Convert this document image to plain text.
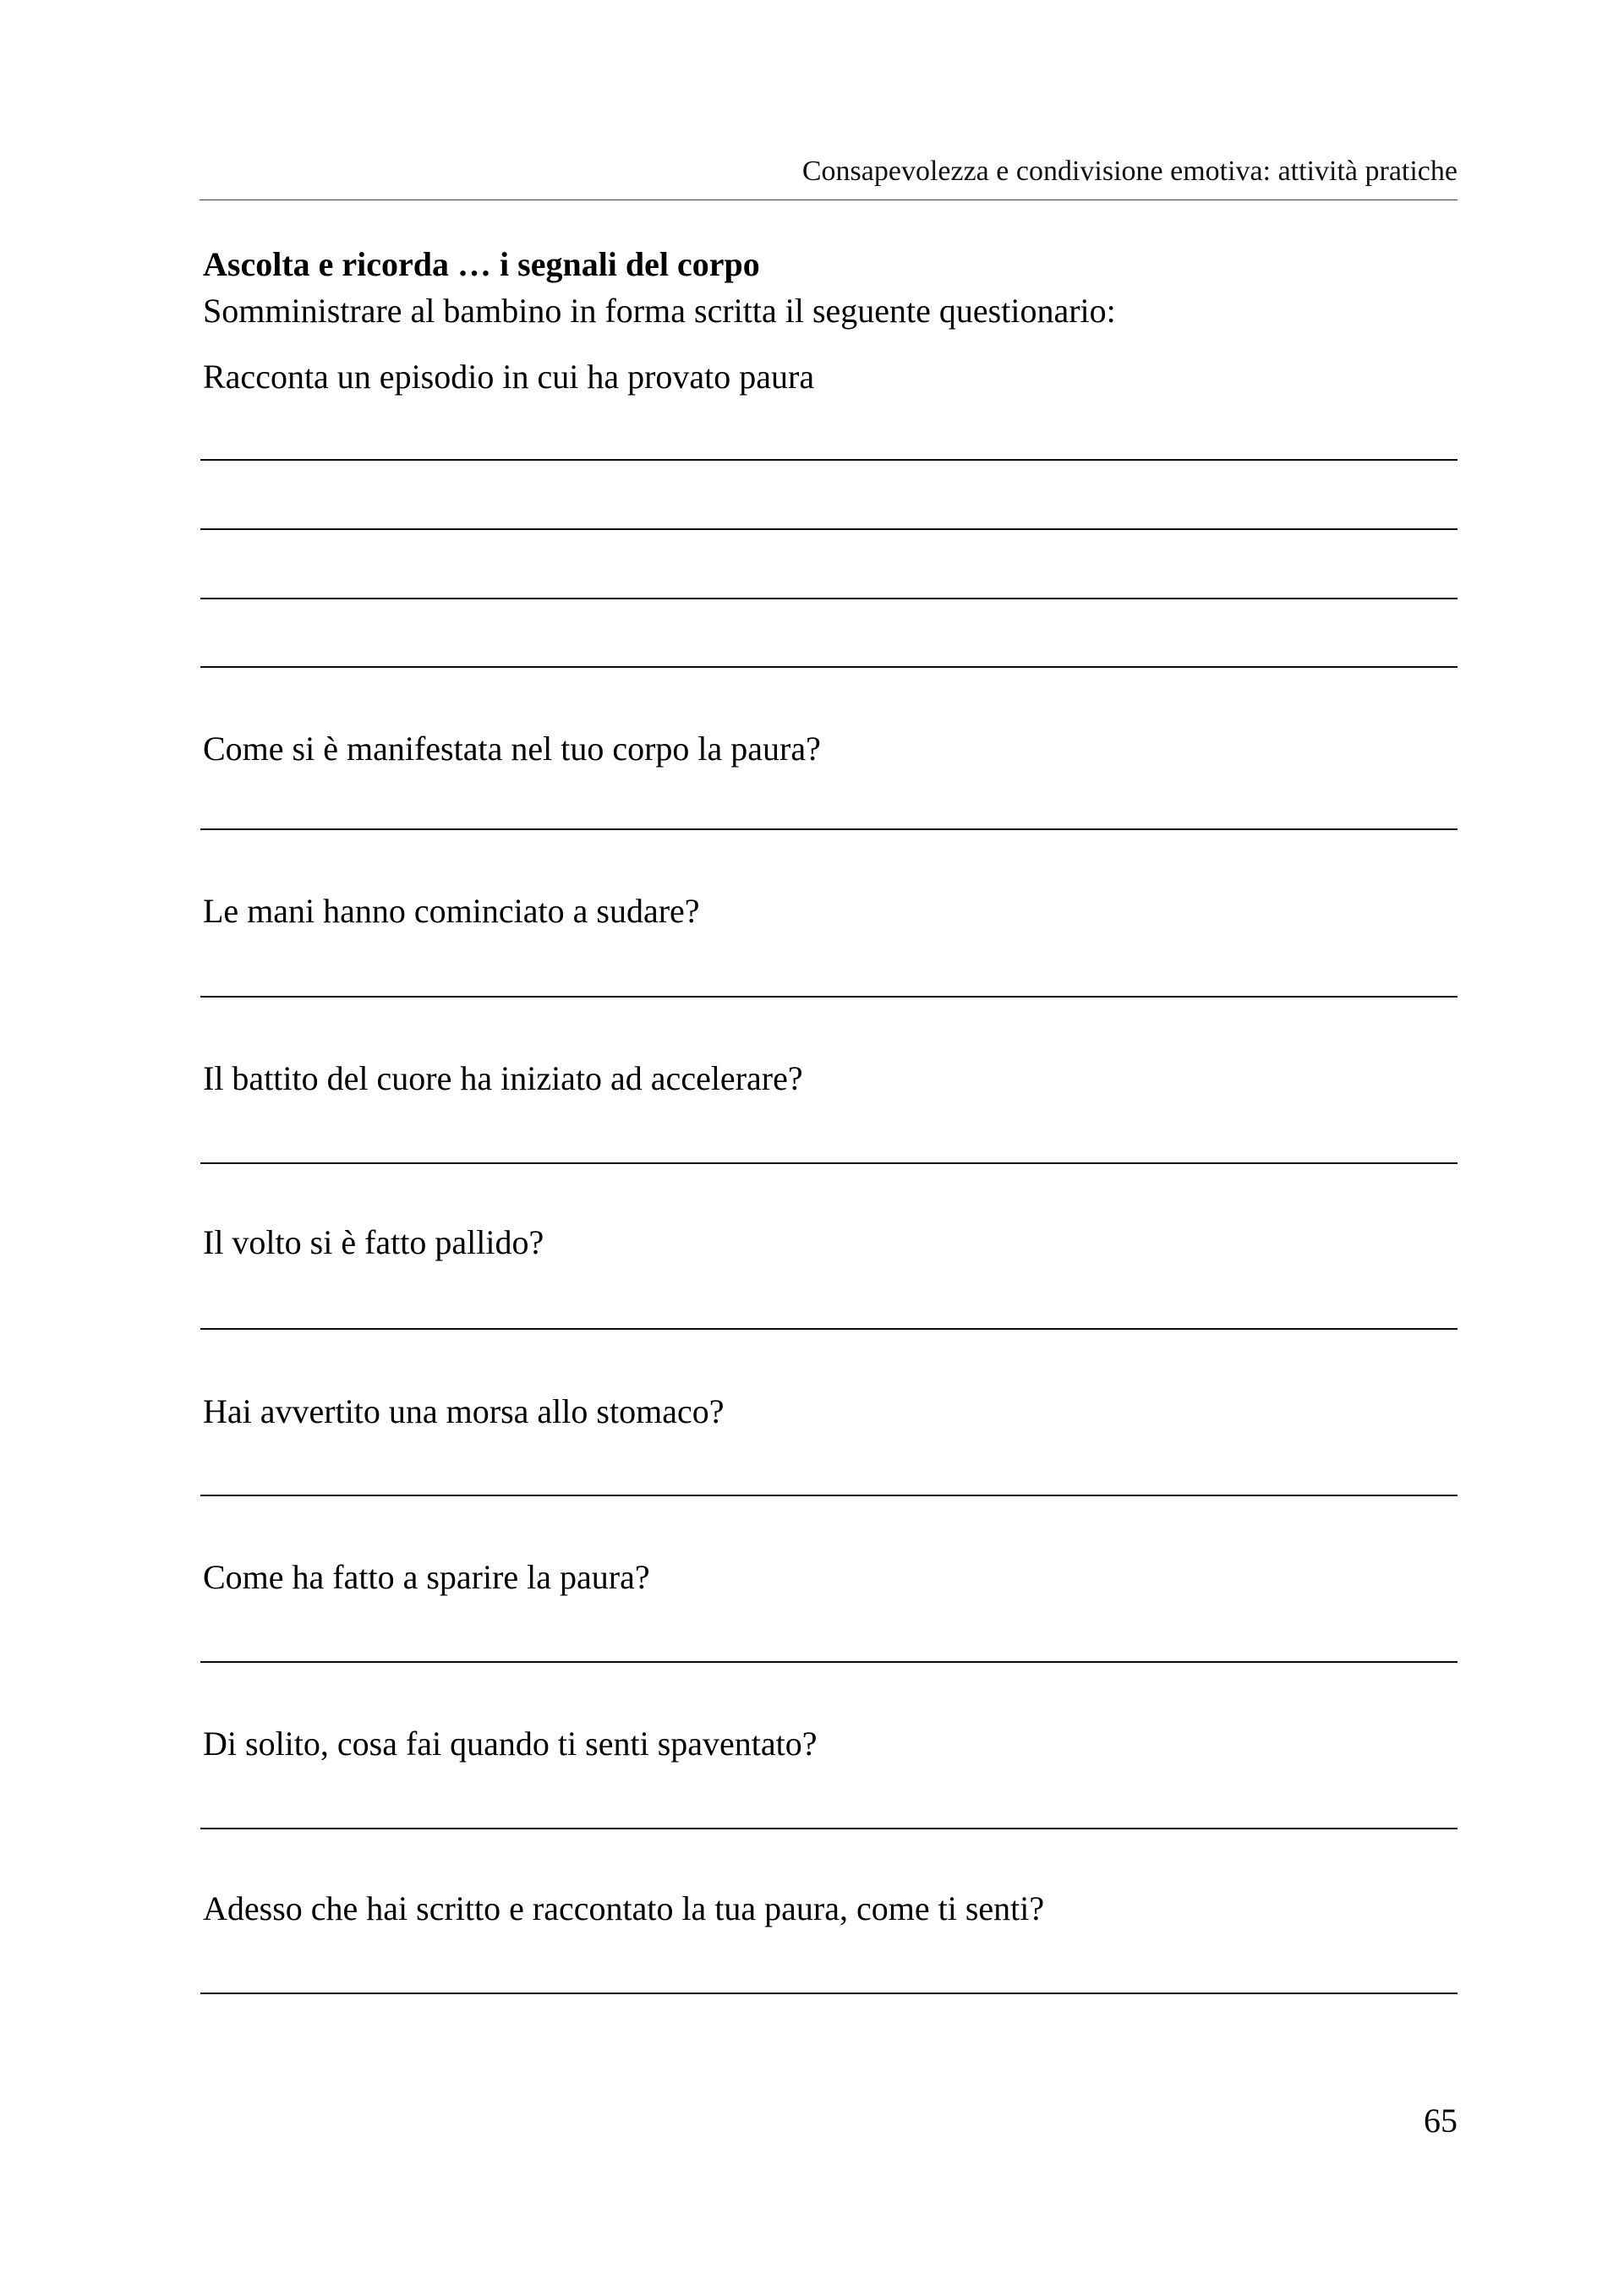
Consapevolezza e condivisione emotiva: attività pratiche
Ascolta e ricorda … i segnali del corpo
Somministrare al bambino in forma scritta il seguente questionario:
Racconta un episodio in cui ha provato paura
Come si è manifestata nel tuo corpo la paura?
Le mani hanno cominciato a sudare?
Il battito del cuore ha iniziato ad accelerare?
Il volto si è fatto pallido?
Hai avvertito una morsa allo stomaco?
Come ha fatto a sparire la paura?
Di solito, cosa fai quando ti senti spaventato?
Adesso che hai scritto e raccontato la tua paura, come ti senti?
65
